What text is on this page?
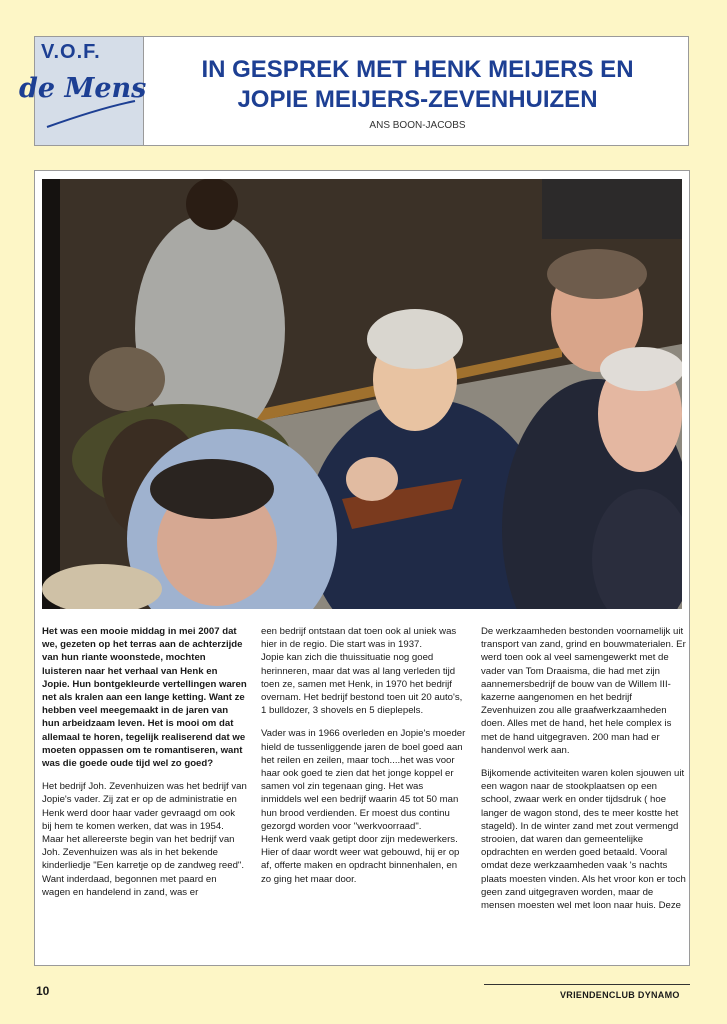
V.O.F.
de Mens
IN GESPREK MET HENK MEIJERS EN
JOPIE MEIJERS-ZEVENHUIZEN
ANS BOON-JACOBS

Het was een mooie middag in mei 2007 dat we, gezeten op het terras aan de achterzijde van hun riante woonstede, mochten luisteren naar het verhaal van Henk en Jopie. Hun bontgekleurde vertellingen waren net als kralen aan een lange ketting. Want ze hebben veel meegemaakt in de jaren van hun arbeidzaam leven. Het is mooi om dat allemaal te horen, tegelijk realiserend dat we moeten oppassen om te romantiseren, want was die goede oude tijd wel zo goed?

Het bedrijf Joh. Zevenhuizen was het bedrijf van Jopie's vader. Zij zat er op de administratie en Henk werd door haar vader gevraagd om ook bij hem te komen werken, dat was in 1954. Maar het allereerste begin van het bedrijf van Joh. Zevenhuizen was als in het bekende kinderliedje "Een karretje op de zandweg reed".

Want inderdaad, begonnen met paard en wagen en handelend in zand, was er

een bedrijf ontstaan dat toen ook al uniek was hier in de regio. Die start was in 1937.

Jopie kan zich die thuissituatie nog goed herinneren, maar dat was al lang verleden tijd toen ze, samen met Henk, in 1970 het bedrijf overnam. Het bedrijf bestond toen uit 20 auto's, 1 bulldozer, 3 shovels en 5 dieplepels.

Vader was in 1966 overleden en Jopie's moeder hield de tussenliggende jaren de boel goed aan het reilen en zeilen, maar toch....het was voor haar ook goed te zien dat het jonge koppel er samen vol zin tegenaan ging. Het was inmiddels wel een bedrijf waarin 45 tot 50 man hun brood verdienden. Er moest dus continu gezorgd worden voor "werkvoorraad".

Henk werd vaak getipt door zijn medewerkers. Hier of daar wordt weer wat gebouwd, hij er op af, offerte maken en opdracht binnenhalen, en zo ging het maar door.

De werkzaamheden bestonden voornamelijk uit transport van zand, grind en bouwmaterialen. Er werd toen ook al veel samengewerkt met de vader van Tom Draaisma, die had met zijn aannemersbedrijf de bouw van de Willem III-kazerne aangenomen en het bedrijf Zevenhuizen zou alle graafwerkzaamheden doen. Alles met de hand, het hele complex is met de hand uitgegraven. 200 man had er handenvol werk aan.

Bijkomende activiteiten waren kolen sjouwen uit een wagon naar de stookplaatsen op een school, zwaar werk en onder tijdsdruk ( hoe langer de wagon stond, des te meer kostte het stageld). In de winter zand met zout vermengd strooien, dat waren dan gemeentelijke opdrachten en werden goed betaald. Vooral omdat deze werkzaamheden vaak 's nachts plaats moesten vinden. Als het vroor kon er toch geen zand uitgegraven worden, maar de mensen moesten wel met loon naar huis. Deze

10	VRIENDENCLUB DYNAMO
